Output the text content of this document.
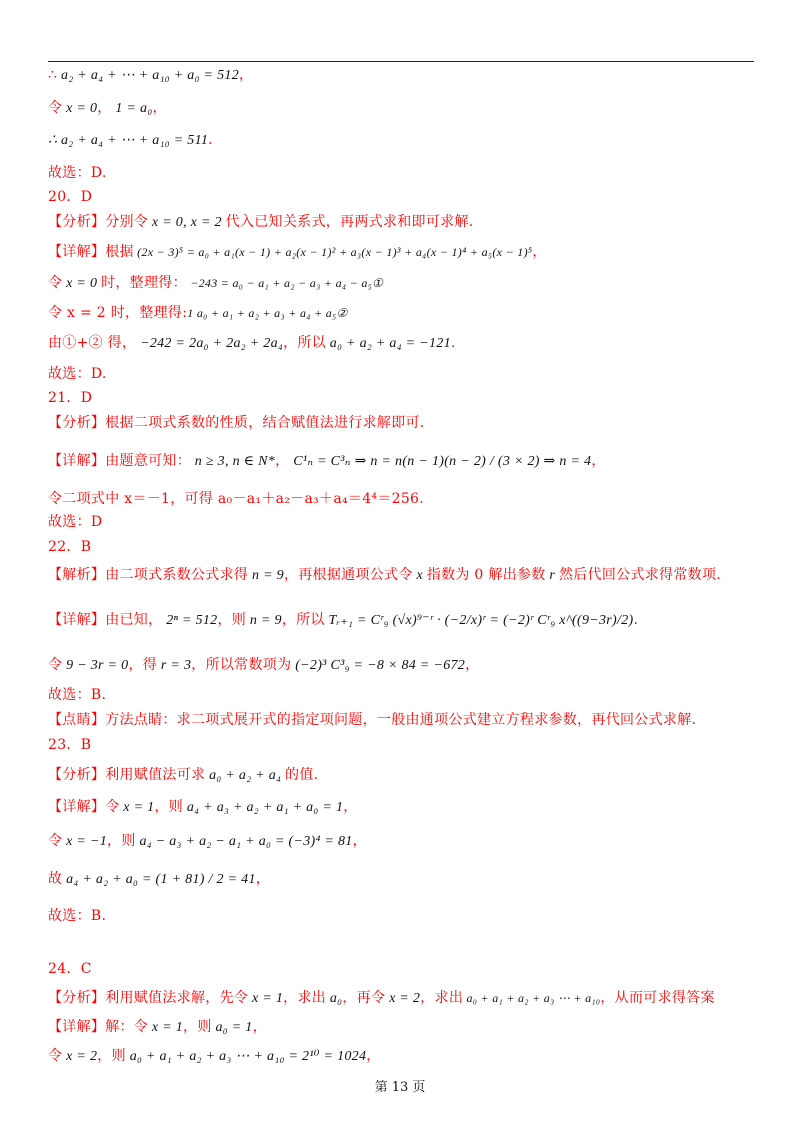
∴ a₂ + a₄ + ⋯ + a₁₀ + a₀ = 512，
令 x = 0， 1 = a₀，
∴ a₂ + a₄ + ⋯ + a₁₀ = 511.
故选：D.
20．D
【分析】分别令 x = 0, x = 2 代入已知关系式，再两式求和即可求解.
【详解】根据 (2x − 3)⁵ = a₀ + a₁(x − 1) + a₂(x − 1)² + a₃(x − 1)³ + a₄(x − 1)⁴ + a₅(x − 1)⁵，
令 x = 0 时，整理得： −243 = a₀ − a₁ + a₂ − a₃ + a₄ − a₅①
令 x = 2 时，整理得:1 a₀ + a₁ + a₂ + a₃ + a₄ + a₅②
由①+② 得， −242 = 2a₀ + 2a₂ + 2a₄，所以 a₀ + a₂ + a₄ = −121.
故选：D.
21．D
【分析】根据二项式系数的性质，结合赋值法进行求解即可.
【详解】由题意可知： n ≥ 3, n ∈ N*， C¹ₙ = C³ₙ ⇒ n = n(n − 1)(n − 2) / (3 × 2) ⇒ n = 4，
令二项式中 x＝－1，可得 a₀－a₁＋a₂－a₃＋a₄＝4⁴＝256.
故选：D
22．B
【解析】由二项式系数公式求得 n = 9，再根据通项公式令 x 指数为 0 解出参数 r 然后代回公式求得常数项.
【详解】由已知， 2ⁿ = 512，则 n = 9，所以 Tᵣ₊₁ = Cʳ₉ (√x)⁹⁻ʳ · (−2/x)ʳ = (−2)ʳ Cʳ₉ x^((9−3r)/2).
令 9 − 3r = 0，得 r = 3，所以常数项为 (−2)³ C³₉ = −8 × 84 = −672，
故选：B.
【点睛】方法点睛：求二项式展开式的指定项问题，一般由通项公式建立方程求参数，再代回公式求解.
23．B
【分析】利用赋值法可求 a₀ + a₂ + a₄ 的值.
【详解】令 x = 1，则 a₄ + a₃ + a₂ + a₁ + a₀ = 1，
令 x = −1，则 a₄ − a₃ + a₂ − a₁ + a₀ = (−3)⁴ = 81，
故 a₄ + a₂ + a₀ = (1 + 81) / 2 = 41，
故选：B.
24．C
【分析】利用赋值法求解，先令 x = 1，求出 a₀，再令 x = 2，求出 a₀ + a₁ + a₂ + a₃ ⋯ + a₁₀，从而可求得答案
【详解】解：令 x = 1，则 a₀ = 1，
令 x = 2，则 a₀ + a₁ + a₂ + a₃ ⋯ + a₁₀ = 2¹⁰ = 1024，
第 13 页
